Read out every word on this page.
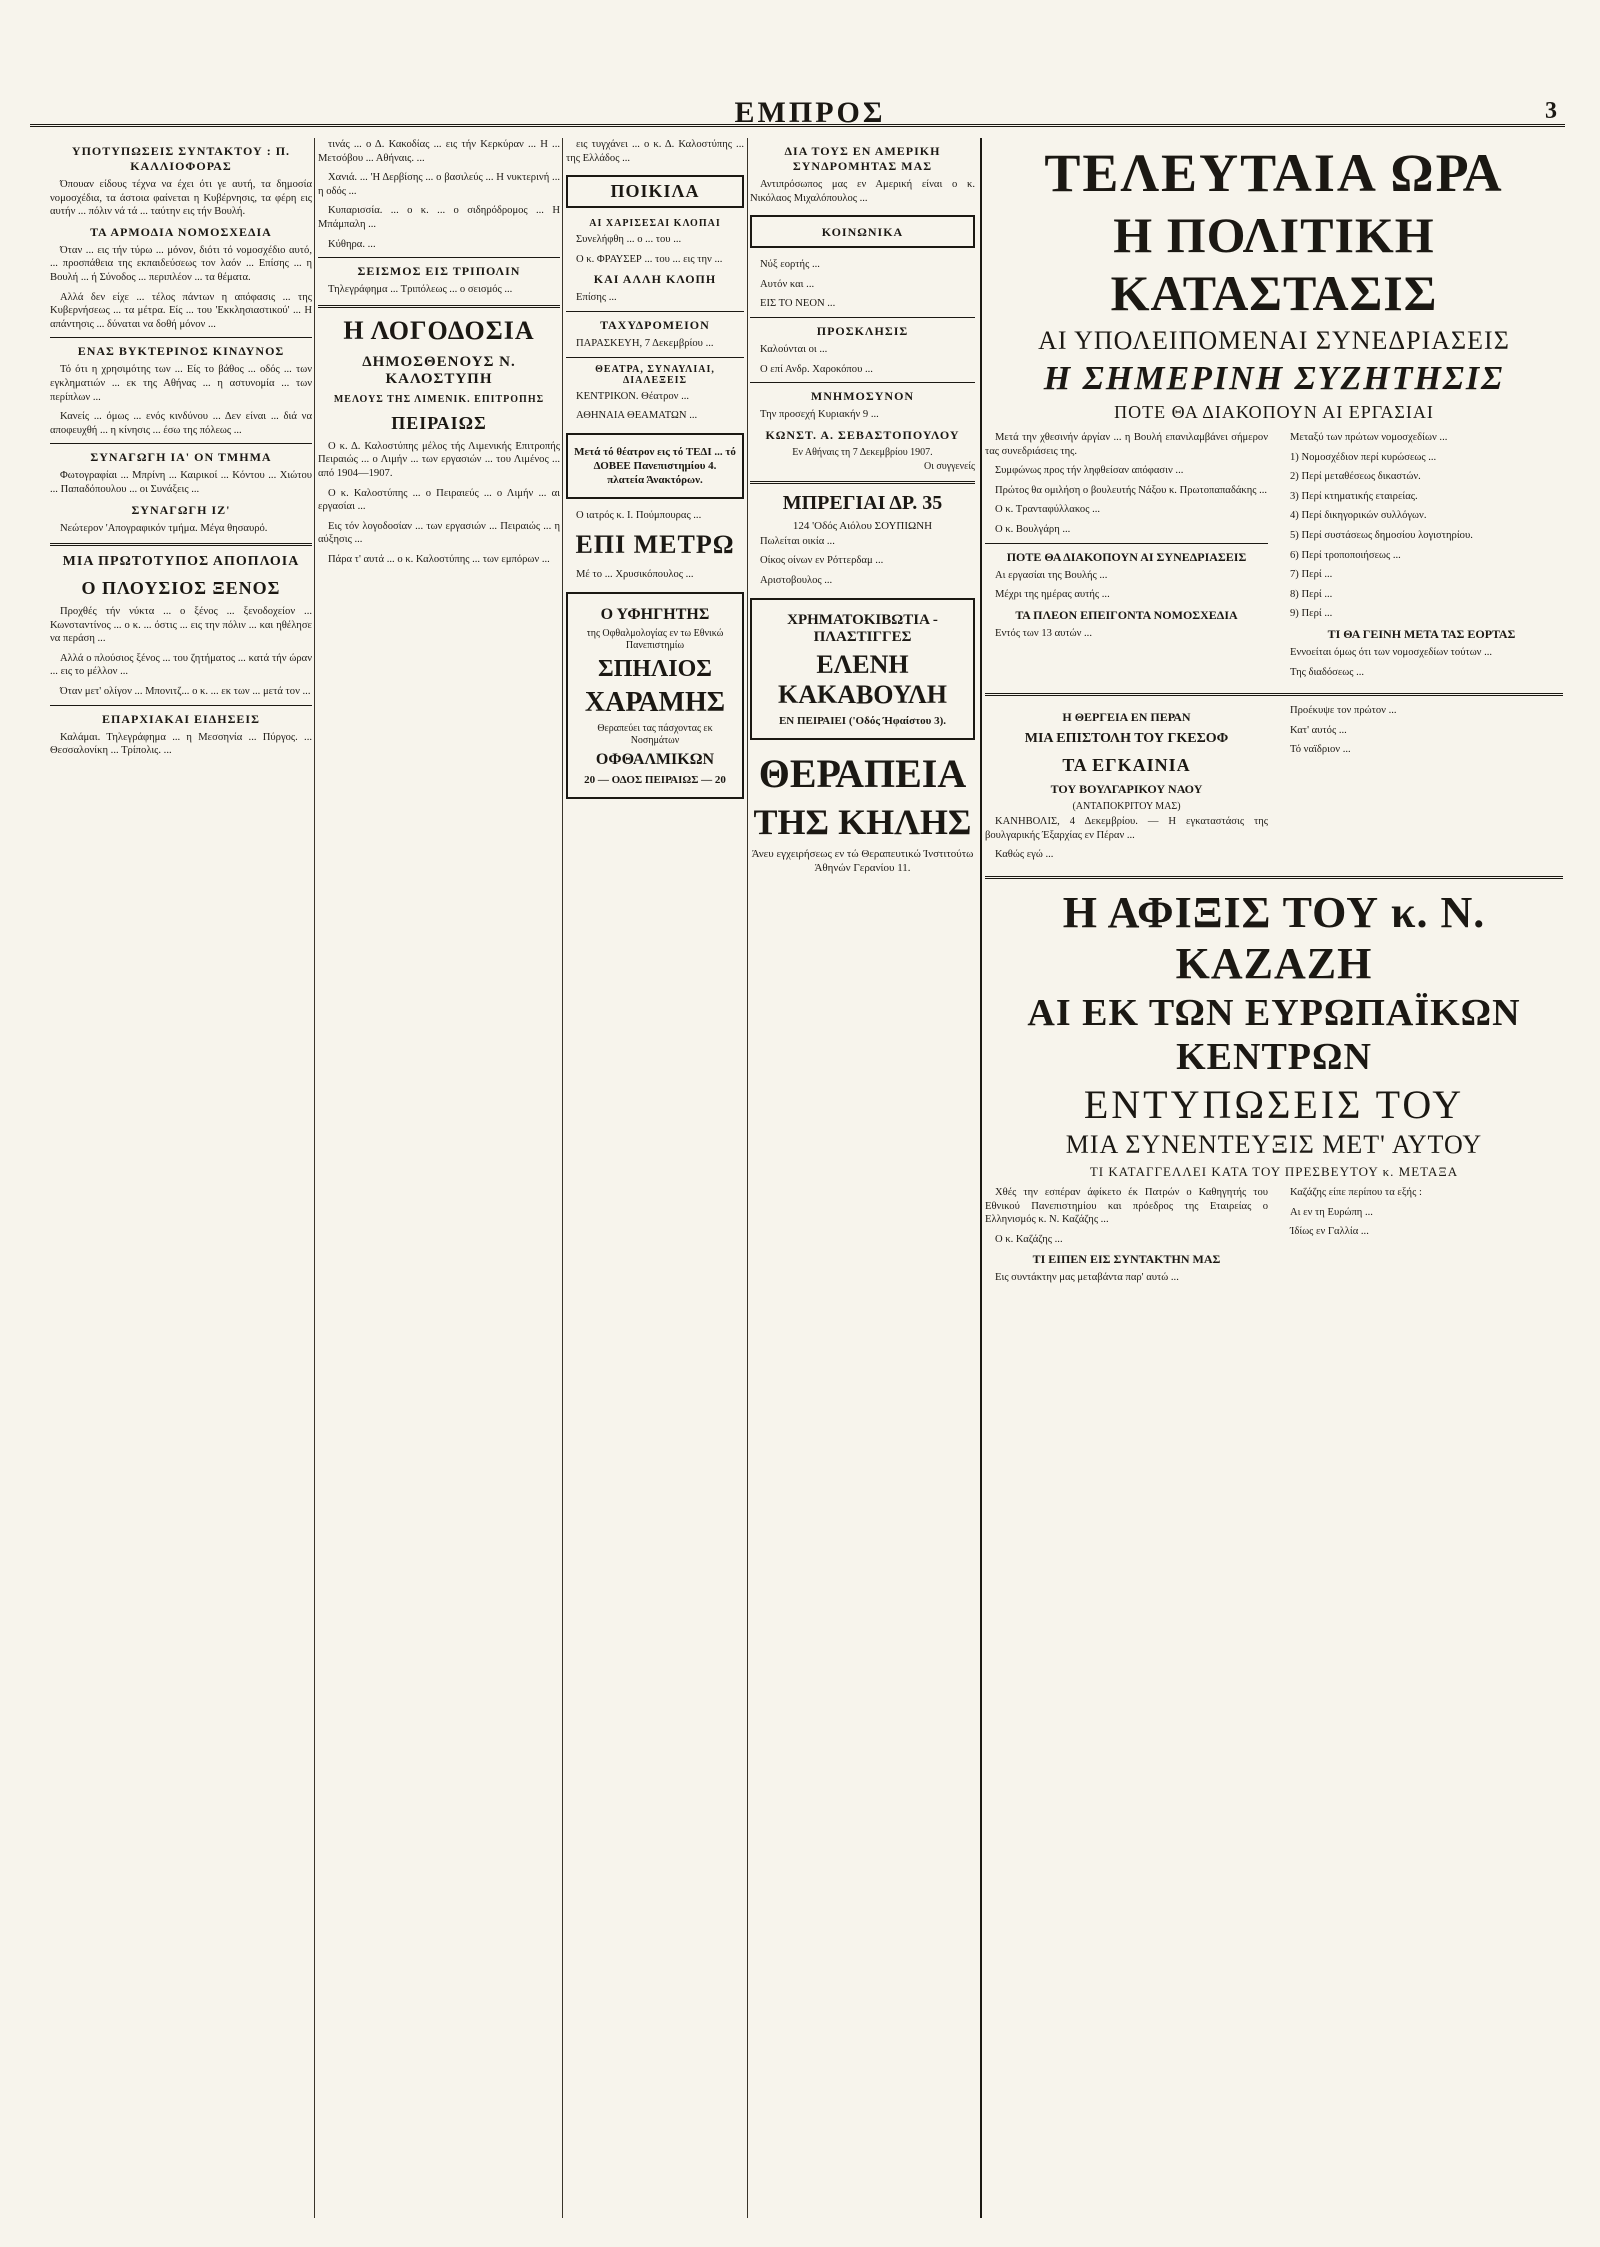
ΕΜΠΡΟΣ	3
ΥΠΟΤΥΠΩΣΕΙΣ ΣΥΝΤΑΚΤΟΥ : Π. ΚΑΛΛΙΟΦΟΡΑΣ

Όπουαν είδους τέχνα να έχει ότι γε αυτή, τα δημοσία νομοσχέδια, τα άστοια φαίνεται η Κυβέρνησις, τα φέρη εις αυτήν ... πόλιν νά τά ... ταύτην εις τήν Βουλή.

ΤΑ ΑΡΜΟΔΙΑ ΝΟΜΟΣΧΕΔΙΑ

Όταν ... εις τήν τύρω ... μόνον, διότι τό νομοσχέδιο αυτό, ... προσπάθεια της εκπαιδεύσεως τον λαόν ... Επίσης ... η Βουλή ... ή Σύνοδος ... περιπλέον ... τα θέματα.

Αλλά δεν είχε ... τέλος πάντων η απόφασις ... της Κυβερνήσεως ... τα μέτρα. Είς ... του 'Εκκλησιαστικού' ... Η απάντησις ... δύναται να δοθή μόνον ...

ΕΝΑΣ ΒΥΚΤΕΡΙΝΟΣ ΚΙΝΔΥΝΟΣ

Τό ότι η χρησιμότης των ... Είς το βάθος ... οδός ... των εγκληματιών ... εκ της Αθήνας ... η αστυνομία ... των περίπλων ...

Κανείς ... όμως ... ενός κινδύνου ... Δεν είναι ... διά να αποφευχθή ... η κίνησις ... έσω της πόλεως ...

ΣΥΝΑΓΩΓΗ ΙΑ' ΟΝ ΤΜΗΜΑ

Φωτογραφίαι ... Μπρίνη ... Καιρικοί ... Κόντου ... Χιώτου ... Παπαδόπουλου ... οι Συνάξεις ...

ΣΥΝΑΓΩΓΗ ΙΖ'

Νεώτερον 'Απογραφικόν τμήμα. Μέγα θησαυρό.

ΜΙΑ ΠΡΩΤΟΤΥΠΟΣ ΑΠΟΠΛΟΙΑ
Ο ΠΛΟΥΣΙΟΣ ΞΕΝΟΣ

Προχθές τήν νύκτα ... ο ξένος ... ξενοδοχείον ... Κωνσταντίνος ... ο κ. ... όστις ... εις την πόλιν ... και ηθέλησε να περάση ...

Αλλά ο πλούσιος ξένος ... του ζητήματος ... κατά τήν ώραν ... εις το μέλλον ...

Όταν μετ' ολίγον ... Μπονιτζ... ο κ. ... εκ των ... μετά τον ...

ΕΠΑΡΧΙΑΚΑΙ ΕΙΔΗΣΕΙΣ

Καλάμαι. Τηλεγράφημα ... η Μεσσηνία ... Πύργος. ... Θεσσαλονίκη ... Τρίπολις. ...

τινάς ... ο Δ. Κακοδίας ... εις τήν Κερκύραν ... Η ... Μετσόβου ... Αθήναις. ...

Χανιά. ... 'Η Δερβίσης ... ο βασιλεύς ... Η νυκτερινή ... η οδός ...

Κυπαρισσία. ... ο κ. ... ο σιδηρόδρομος ... Η Μπάμπαλη ...

Κύθηρα. ...

ΣΕΙΣΜΟΣ ΕΙΣ ΤΡΙΠΟΛΙΝ

Τηλεγράφημα ... Τριπόλεως ... ο σεισμός ...

Η ΛΟΓΟΔΟΣΙΑ
ΔΗΜΟΣΘΕΝΟΥΣ Ν. ΚΑΛΟΣΤΥΠΗ
ΜΕΛΟΥΣ ΤΗΣ ΛΙΜΕΝΙΚ. ΕΠΙΤΡΟΠΗΣ
ΠΕΙΡΑΙΩΣ

Ο κ. Δ. Καλοστύπης μέλος τής Λιμενικής Επιτροπής Πειραιώς ... ο Λιμήν ... των εργασιών ... του Λιμένος ... από 1904—1907.

Ο κ. Καλοστύπης ... ο Πειραιεύς ... ο Λιμήν ... αι εργασίαι ...

Εις τόν λογοδοσίαν ... των εργασιών ... Πειραιώς ... η αύξησις ...

Πάρα τ' αυτά ... ο κ. Καλοστύπης ... των εμπόρων ...

εις τυγχάνει ... ο κ. Δ. Καλοστύπης ... της Ελλάδος ...

ΠΟΙΚΙΛΑ
ΑΙ ΧΑΡΙΣΕΣΑΙ ΚΛΟΠΑΙ

Συνελήφθη ... ο ... του ...

Ο κ. ΦΡΑΥΣΕΡ ... του ... εις την ...

ΚΑΙ ΑΛΛΗ ΚΛΟΠΗ

Επίσης ...

ΤΑΧΥΔΡΟΜΕΙΟΝ

ΠΑΡΑΣΚΕΥΗ, 7 Δεκεμβρίου ...

ΘΕΑΤΡΑ, ΣΥΝΑΥΛΙΑΙ, ΔΙΑΛΕΞΕΙΣ

ΚΕΝΤΡΙΚΟΝ. Θέατρον ...

ΑΘΗΝΑΙΑ ΘΕΑΜΑΤΩΝ ...

Μετά τό θέατρον εις τό ΤΕΔΙ ... τό ΔΟΒΕΕ Πανεπιστημίου 4. πλατεία Άνακτόρων.

Ο ιατρός κ. Ι. Πούμπουρας ...

ΕΠΙ ΜΕΤΡΩ

Μέ το ... Χρυσικόπουλος ...

Ο ΥΦΗΓΗΤΗΣ
της Οφθαλμολογίας εν τω Εθνικώ Πανεπιστημίω
ΣΠΗΛΙΟΣ
ΧΑΡΑΜΗΣ
Θεραπεύει τας πάσχοντας εκ Νοσημάτων
ΟΦΘΑΛΜΙΚΩΝ
20 — ΟΔΟΣ ΠΕΙΡΑΙΩΣ — 20
ΔΙΑ ΤΟΥΣ ΕΝ ΑΜΕΡΙΚΗ ΣΥΝΔΡΟΜΗΤΑΣ ΜΑΣ

Αντιπρόσωπος μας εν Αμερική είναι ο κ. Νικόλαος Μιχαλόπουλος ...

ΚΟΙΝΩΝΙΚΑ

Νύξ εορτής ...

Αυτόν και ...

ΕΙΣ ΤΟ ΝΕΟΝ ...

ΠΡΟΣΚΛΗΣΙΣ

Καλούνται οι ...

Ο επί Ανδρ. Χαροκόπου ...

ΜΝΗΜΟΣΥΝΟΝ

Την προσεχή Κυριακήν 9 ...

ΚΩΝΣΤ. Α. ΣΕΒΑΣΤΟΠΟΥΛΟΥ
Εν Αθήναις τη 7 Δεκεμβρίου 1907.
Οι συγγενείς
ΜΠΡΕΓΙΑΙ ΔΡ. 35
124 'Οδός Αιόλου ΣΟΥΠΙΩΝΗ

Πωλείται οικία ...

Οίκος οίνων εν Ρόττερδαμ ...

Αριστοβουλος ...

ΧΡΗΜΑΤΟΚΙΒΩΤΙΑ - ΠΛΑΣΤΙΓΓΕΣ
ΕΛΕΝΗ ΚΑΚΑΒΟΥΛΗ
ΕΝ ΠΕΙΡΑΙΕΙ ('Οδός Ήφαίστου 3).
ΘΕΡΑΠΕΙΑ
ΤΗΣ ΚΗΛΗΣ
Άνευ εγχειρήσεως εν τώ Θεραπευτικώ Ίνστιτούτω Άθηνών Γερανίου 11.
ΤΕΛΕΥΤΑΙΑ ΩΡΑ
Η ΠΟΛΙΤΙΚΗ ΚΑΤΑΣΤΑΣΙΣ
ΑΙ ΥΠΟΛΕΙΠΟΜΕΝΑΙ ΣΥΝΕΔΡΙΑΣΕΙΣ
Η ΣΗΜΕΡΙΝΗ ΣΥΖΗΤΗΣΙΣ
ΠΟΤΕ ΘΑ ΔΙΑΚΟΠΟΥΝ ΑΙ ΕΡΓΑΣΙΑΙ

Μετά την χθεσινήν άργίαν ... η Βουλή επανιλαμβάνει σήμερον τας συνεδριάσεις της.

Συμφώνως προς τήν ληφθείσαν απόφασιν ...

Πρώτος θα ομιλήση ο βουλευτής Νάξου κ. Πρωτοπαπαδάκης ...

Ο κ. Τρανταφύλλακος ...

Ο κ. Βουλγάρη ...

ΠΟΤΕ ΘΑ ΔΙΑΚΟΠΟΥΝ ΑΙ ΣΥΝΕΔΡΙΑΣΕΙΣ

Αι εργασίαι της Βουλής ...

Μέχρι της ημέρας αυτής ...

ΤΑ ΠΛΕΟΝ ΕΠΕΙΓΟΝΤΑ ΝΟΜΟΣΧΕΔΙΑ

Εντός των 13 αυτών ...

Μεταξύ των πρώτων νομοσχεδίων ...

1) Νομοσχέδιον περί κυρώσεως ...

2) Περί μεταθέσεως δικαστών.

3) Περί κτηματικής εταιρείας.

4) Περί δικηγορικών συλλόγων.

5) Περί συστάσεως δημοσίου λογιστηρίου.

6) Περί τροποποιήσεως ...

7) Περί ...

8) Περί ...

9) Περί ...

ΤΙ ΘΑ ΓΕΙΝΗ ΜΕΤΑ ΤΑΣ ΕΟΡΤΑΣ

Εννοείται όμως ότι των νομοσχεδίων τούτων ...

Της διαδόσεως ...

Η ΘΕΡΓΕΙΑ ΕΝ ΠΕΡΑΝ
ΜΙΑ ΕΠΙΣΤΟΛΗ ΤΟΥ ΓΚΕΣΟΦ
ΤΑ ΕΓΚΑΙΝΙΑ
ΤΟΥ ΒΟΥΛΓΑΡΙΚΟΥ ΝΑΟΥ
(ΑΝΤΑΠΟΚΡΙΤΟΥ ΜΑΣ)

ΚΑΝΗΒΟΛΙΣ, 4 Δεκεμβρίου. — Η εγκαταστάσις της βουλγαρικής Έξαρχίας εν Πέραν ...

Καθώς εγώ ...

Προέκυψε τον πρώτον ...

Κατ' αυτός ...

Τό ναϊδριον ...

Η ΑΦΙΞΙΣ ΤΟΥ κ. Ν. ΚΑΖΑΖΗ
ΑΙ ΕΚ ΤΩΝ ΕΥΡΩΠΑΪΚΩΝ ΚΕΝΤΡΩΝ
ΕΝΤΥΠΩΣΕΙΣ ΤΟΥ
ΜΙΑ ΣΥΝΕΝΤΕΥΞΙΣ ΜΕΤ' ΑΥΤΟΥ
ΤΙ ΚΑΤΑΓΓΕΛΛΕΙ ΚΑΤΑ ΤΟΥ ΠΡΕΣΒΕΥΤΟΥ κ. ΜΕΤΑΞΑ

Χθές την εσπέραν άφίκετο έκ Πατρών ο Καθηγητής του Εθνικού Πανεπιστημίου και πρόεδρος της Εταιρείας ο Ελληνισμός κ. Ν. Καζάζης ...

Ο κ. Καζάζης ...

ΤΙ ΕΙΠΕΝ ΕΙΣ ΣΥΝΤΑΚΤΗΝ ΜΑΣ

Εις συντάκτην μας μεταβάντα παρ' αυτώ ...

Καζάζης είπε περίπου τα εξής :

Αι εν τη Ευρώπη ...

Ίδίως εν Γαλλία ...
